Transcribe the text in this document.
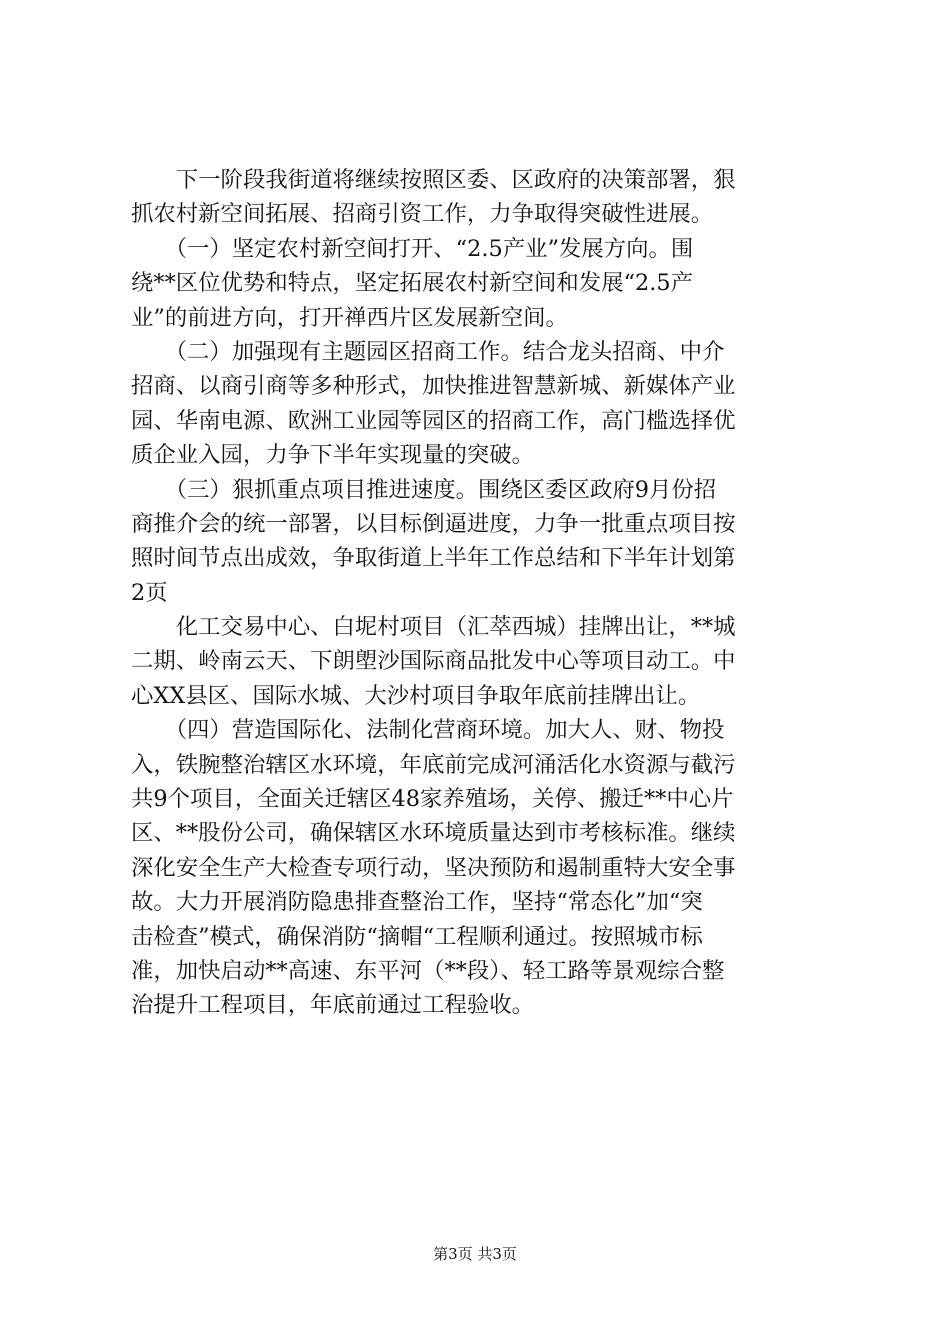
　　下一阶段我街道将继续按照区委、区政府的决策部署，狠
抓农村新空间拓展、招商引资工作，力争取得突破性进展。
　　（一）坚定农村新空间打开、“2.5产业”发展方向。围
绕**区位优势和特点，坚定拓展农村新空间和发展“2.5产
业”的前进方向，打开禅西片区发展新空间。
　　（二）加强现有主题园区招商工作。结合龙头招商、中介
招商、以商引商等多种形式，加快推进智慧新城、新媒体产业
园、华南电源、欧洲工业园等园区的招商工作，高门槛选择优
质企业入园，力争下半年实现量的突破。
　　（三）狠抓重点项目推进速度。围绕区委区政府9月份招
商推介会的统一部署，以目标倒逼进度，力争一批重点项目按
照时间节点出成效，争取街道上半年工作总结和下半年计划第
2页
　　化工交易中心、白坭村项目（汇萃西城）挂牌出让，**城
二期、岭南云天、下朗塱沙国际商品批发中心等项目动工。中
心XX县区、国际水城、大沙村项目争取年底前挂牌出让。
　　（四）营造国际化、法制化营商环境。加大人、财、物投
入，铁腕整治辖区水环境，年底前完成河涌活化水资源与截污
共9个项目，全面关迁辖区48家养殖场，关停、搬迁**中心片
区、**股份公司，确保辖区水环境质量达到市考核标准。继续
深化安全生产大检查专项行动，坚决预防和遏制重特大安全事
故。大力开展消防隐患排查整治工作，坚持“常态化”加“突
击检查”模式，确保消防“摘帽“工程顺利通过。按照城市标
准，加快启动**高速、东平河（**段）、轻工路等景观综合整
治提升工程项目，年底前通过工程验收。
第3页 共3页
